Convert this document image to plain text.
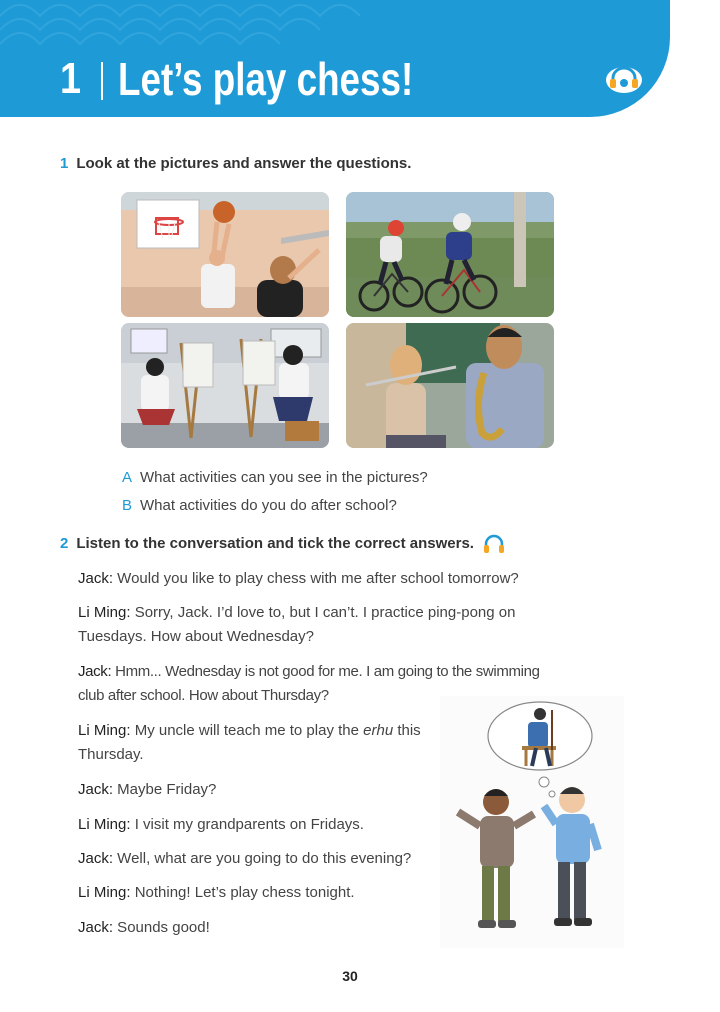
1 Let’s play chess!
1 Look at the pictures and answer the questions.
A What activities can you see in the pictures?
B What activities do you do after school?
2 Listen to the conversation and tick the correct answers.
Jack: Would you like to play chess with me after school tomorrow?
Li Ming: Sorry, Jack. I’d love to, but I can’t. I practice ping-pong on Tuesdays. How about Wednesday?
Jack: Hmm... Wednesday is not good for me. I am going to the swimming club after school. How about Thursday?
Li Ming: My uncle will teach me to play the erhu this Thursday.
Jack: Maybe Friday?
Li Ming: I visit my grandparents on Fridays.
Jack: Well, what are you going to do this evening?
Li Ming: Nothing! Let’s play chess tonight.
Jack: Sounds good!
30
